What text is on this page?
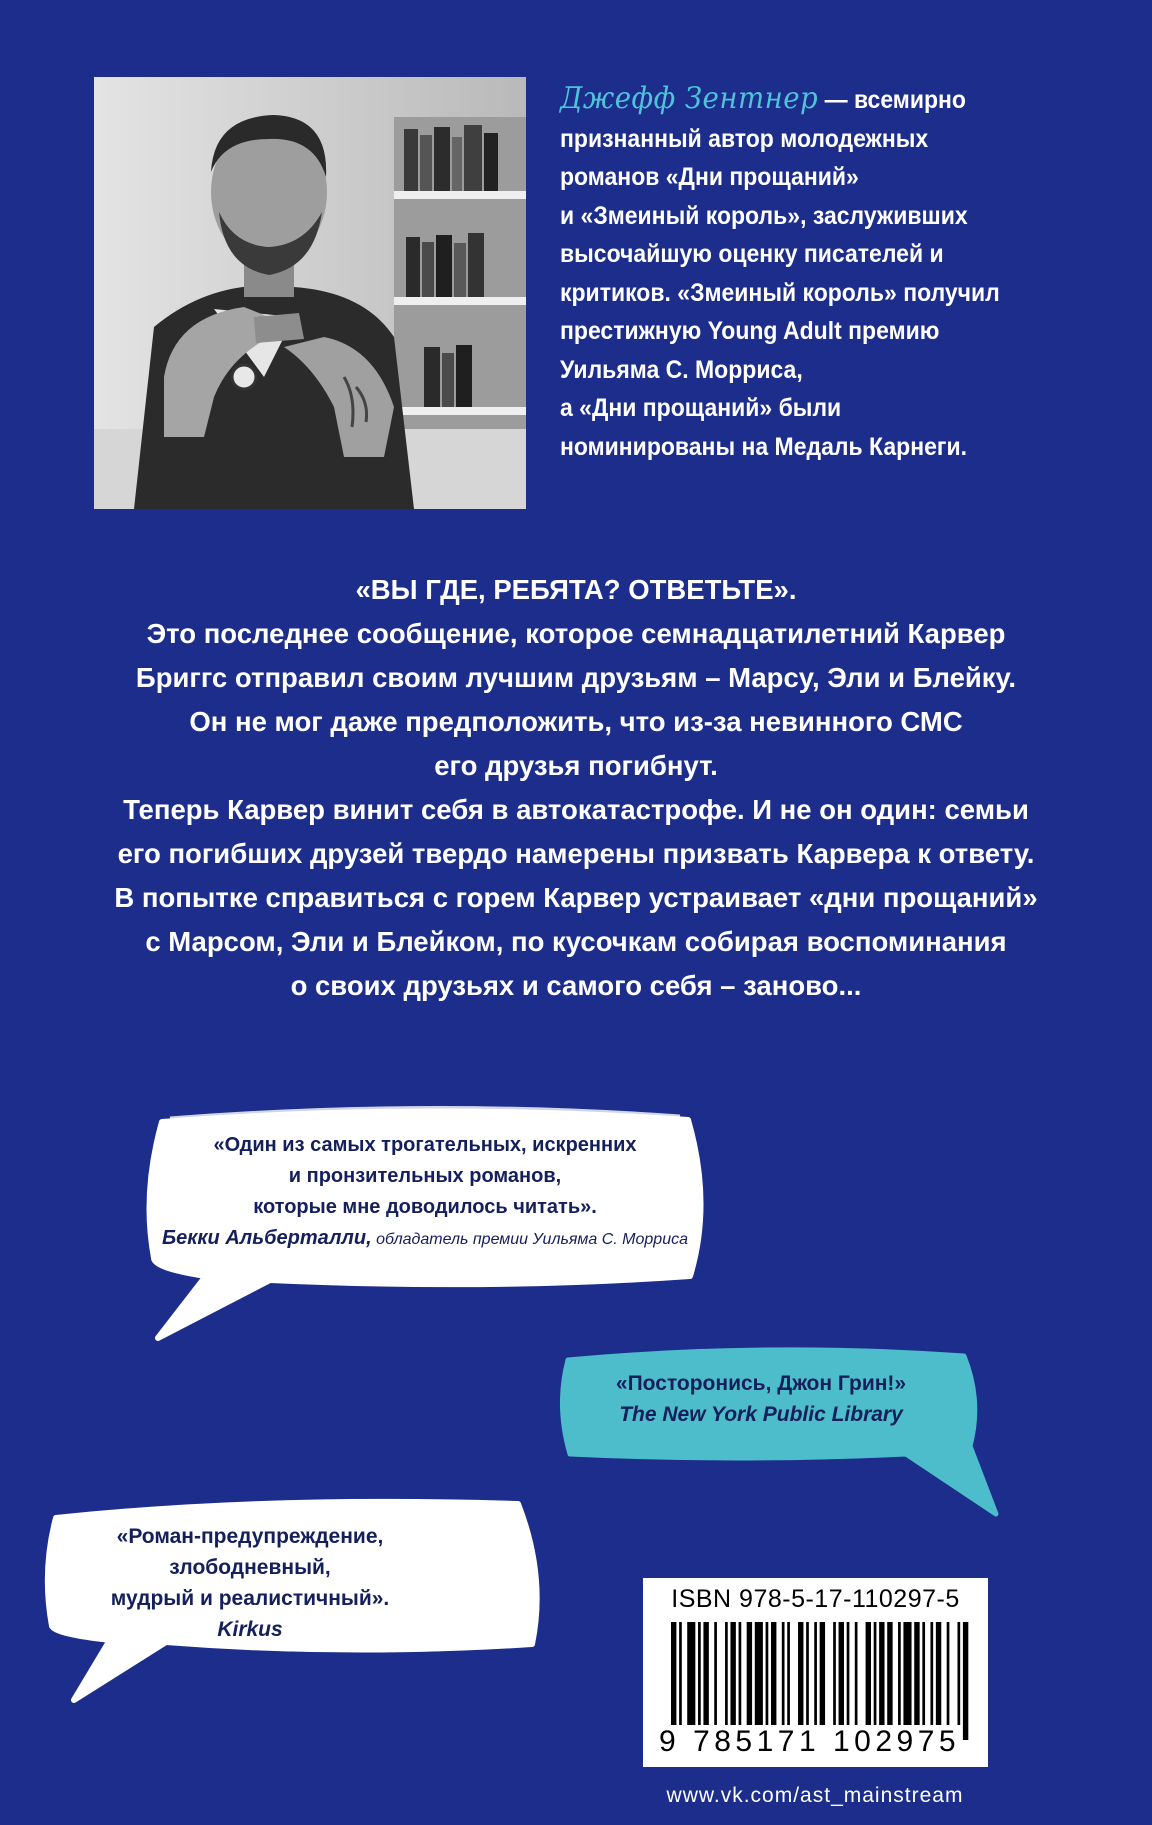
Джефф Зентнер — всемирно
признанный автор молодежных
романов «Дни прощаний»
и «Змеиный король», заслуживших
высочайшую оценку писателей и
критиков. «Змеиный король» получил
престижную Young Adult премию
Уильяма С. Морриса,
а «Дни прощаний» были
номинированы на Медаль Карнеги.

«ВЫ ГДЕ, РЕБЯТА? ОТВЕТЬТЕ».

Это последнее сообщение, которое семнадцатилетний Карвер
Бриггс отправил своим лучшим друзьям – Марсу, Эли и Блейку.
Он не мог даже предположить, что из-за невинного СМС
его друзья погибнут.

Теперь Карвер винит себя в автокатастрофе. И не он один: семьи
его погибших друзей твердо намерены призвать Карвера к ответу.
В попытке справиться с горем Карвер устраивает «дни прощаний»
с Марсом, Эли и Блейком, по кусочкам собирая воспоминания
о своих друзьях и самого себя – заново...

«Один из самых трогательных, искренних
и пронзительных романов,
которые мне доводилось читать».
Бекки Альберталли, обладатель премии Уильяма С. Морриса
«Посторонись, Джон Грин!»
The New York Public Library
«Роман-предупреждение, злободневный,
мудрый и реалистичный».
Kirkus
ISBN 978-5-17-110297-5
9 785171 102975
www.vk.com/ast_mainstream
